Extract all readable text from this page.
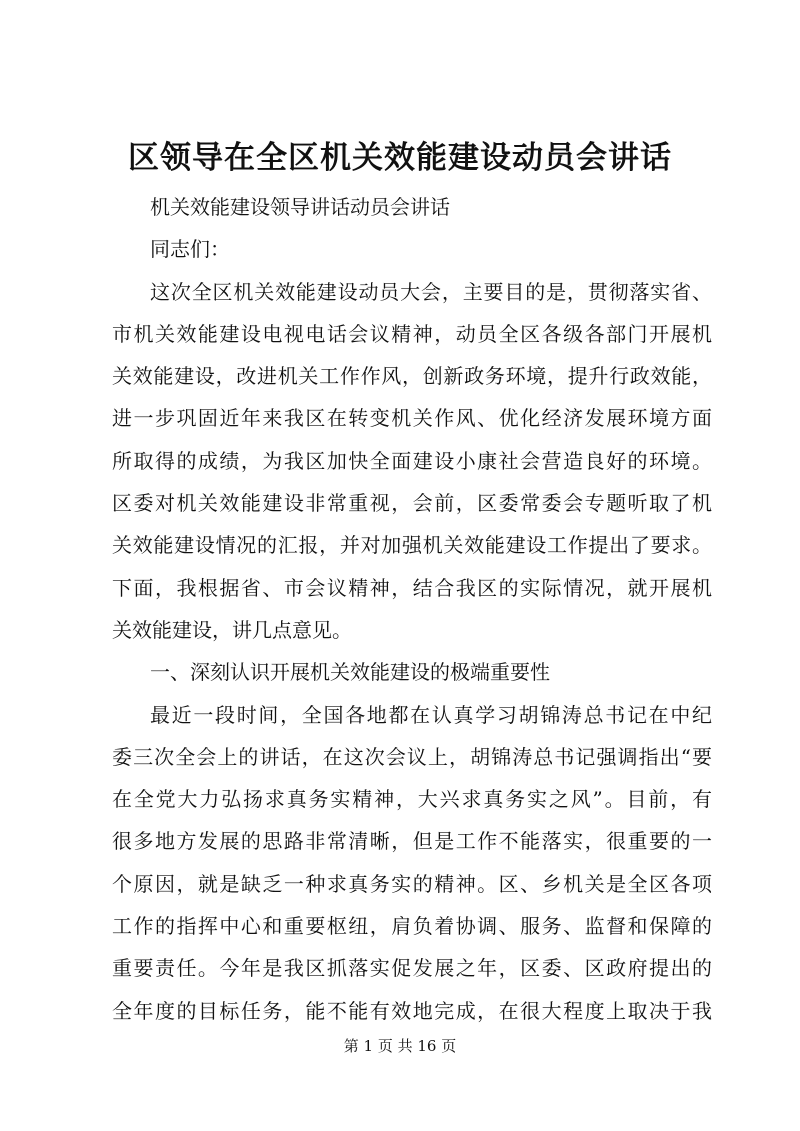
区领导在全区机关效能建设动员会讲话

机关效能建设领导讲话动员会讲话

同志们：

这次全区机关效能建设动员大会，主要目的是，贯彻落实省、

市机关效能建设电视电话会议精神，动员全区各级各部门开展机

关效能建设，改进机关工作作风，创新政务环境，提升行政效能，

进一步巩固近年来我区在转变机关作风、优化经济发展环境方面

所取得的成绩，为我区加快全面建设小康社会营造良好的环境。

区委对机关效能建设非常重视，会前，区委常委会专题听取了机

关效能建设情况的汇报，并对加强机关效能建设工作提出了要求。

下面，我根据省、市会议精神，结合我区的实际情况，就开展机

关效能建设，讲几点意见。

一、深刻认识开展机关效能建设的极端重要性

最近一段时间，全国各地都在认真学习胡锦涛总书记在中纪

委三次全会上的讲话，在这次会议上，胡锦涛总书记强调指出“要

在全党大力弘扬求真务实精神，大兴求真务实之风”。目前，有

很多地方发展的思路非常清晰，但是工作不能落实，很重要的一

个原因，就是缺乏一种求真务实的精神。区、乡机关是全区各项

工作的指挥中心和重要枢纽，肩负着协调、服务、监督和保障的

重要责任。今年是我区抓落实促发展之年，区委、区政府提出的

全年度的目标任务，能不能有效地完成，在很大程度上取决于我

第 1 页 共 16 页
